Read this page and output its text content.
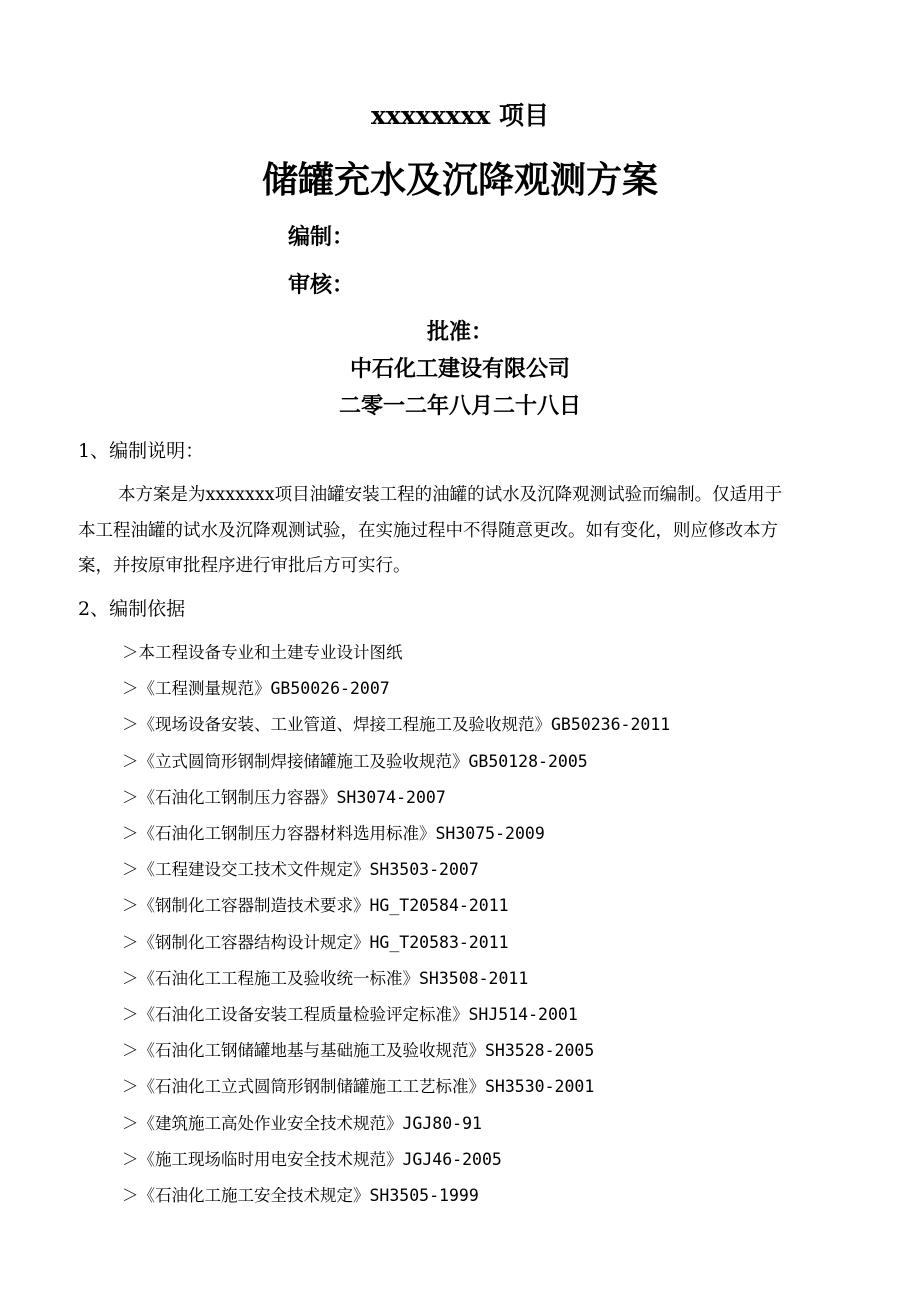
xxxxxxxx 项目
储罐充水及沉降观测方案
编制：
审核：
批准：
中石化工建设有限公司
二零一二年八月二十八日
1、编制说明：
本方案是为xxxxxxx项目油罐安装工程的油罐的试水及沉降观测试验而编制。仅适用于
本工程油罐的试水及沉降观测试验，在实施过程中不得随意更改。如有变化，则应修改本方
案，并按原审批程序进行审批后方可实行。
2、编制依据
＞本工程设备专业和土建专业设计图纸
＞《工程测量规范》GB50026-2007
＞《现场设备安装、工业管道、焊接工程施工及验收规范》GB50236-2011
＞《立式圆筒形钢制焊接储罐施工及验收规范》GB50128-2005
＞《石油化工钢制压力容器》SH3074-2007
＞《石油化工钢制压力容器材料选用标准》SH3075-2009
＞《工程建设交工技术文件规定》SH3503-2007
＞《钢制化工容器制造技术要求》HG_T20584-2011
＞《钢制化工容器结构设计规定》HG_T20583-2011
＞《石油化工工程施工及验收统一标准》SH3508-2011
＞《石油化工设备安装工程质量检验评定标准》SHJ514-2001
＞《石油化工钢储罐地基与基础施工及验收规范》SH3528-2005
＞《石油化工立式圆筒形钢制储罐施工工艺标准》SH3530-2001
＞《建筑施工高处作业安全技术规范》JGJ80-91
＞《施工现场临时用电安全技术规范》JGJ46-2005
＞《石油化工施工安全技术规定》SH3505-1999
